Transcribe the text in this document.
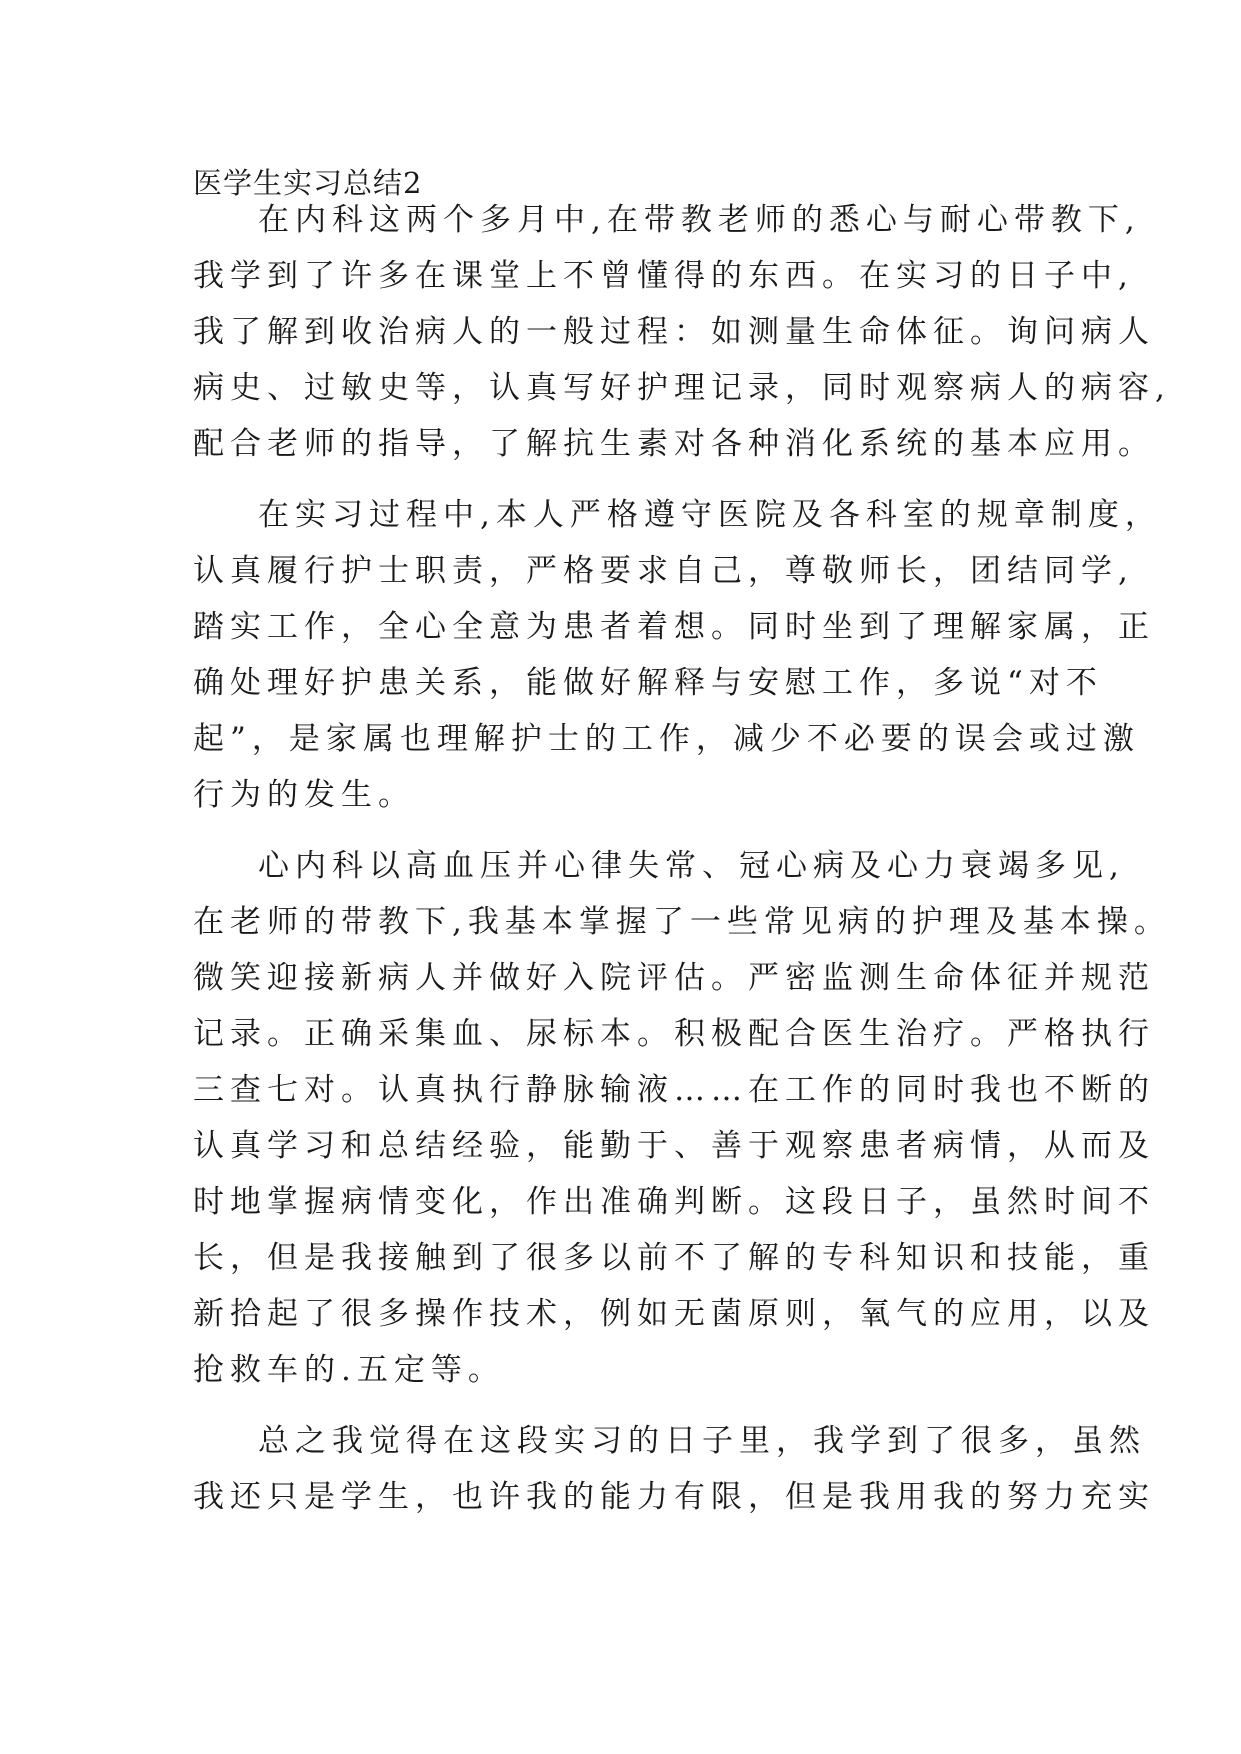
医学生实习总结2
在内科这两个多月中,在带教老师的悉心与耐心带教下,
我学到了许多在课堂上不曾懂得的东西。在实习的日子中,
我了解到收治病人的一般过程：如测量生命体征。询问病人
病史、过敏史等，认真写好护理记录，同时观察病人的病容,
配合老师的指导，了解抗生素对各种消化系统的基本应用。
在实习过程中,本人严格遵守医院及各科室的规章制度，
认真履行护士职责，严格要求自己，尊敬师长，团结同学,
踏实工作，全心全意为患者着想。同时坐到了理解家属，正
确处理好护患关系，能做好解释与安慰工作，多说“对不
起”，是家属也理解护士的工作，减少不必要的误会或过激
行为的发生。
心内科以高血压并心律失常、冠心病及心力衰竭多见,
在老师的带教下,我基本掌握了一些常见病的护理及基本操。
微笑迎接新病人并做好入院评估。严密监测生命体征并规范
记录。正确采集血、尿标本。积极配合医生治疗。严格执行
三查七对。认真执行静脉输液……在工作的同时我也不断的
认真学习和总结经验，能勤于、善于观察患者病情，从而及
时地掌握病情变化，作出准确判断。这段日子，虽然时间不
长，但是我接触到了很多以前不了解的专科知识和技能，重
新拾起了很多操作技术，例如无菌原则，氧气的应用，以及
抢救车的.五定等。
总之我觉得在这段实习的日子里，我学到了很多，虽然
我还只是学生，也许我的能力有限，但是我用我的努力充实
